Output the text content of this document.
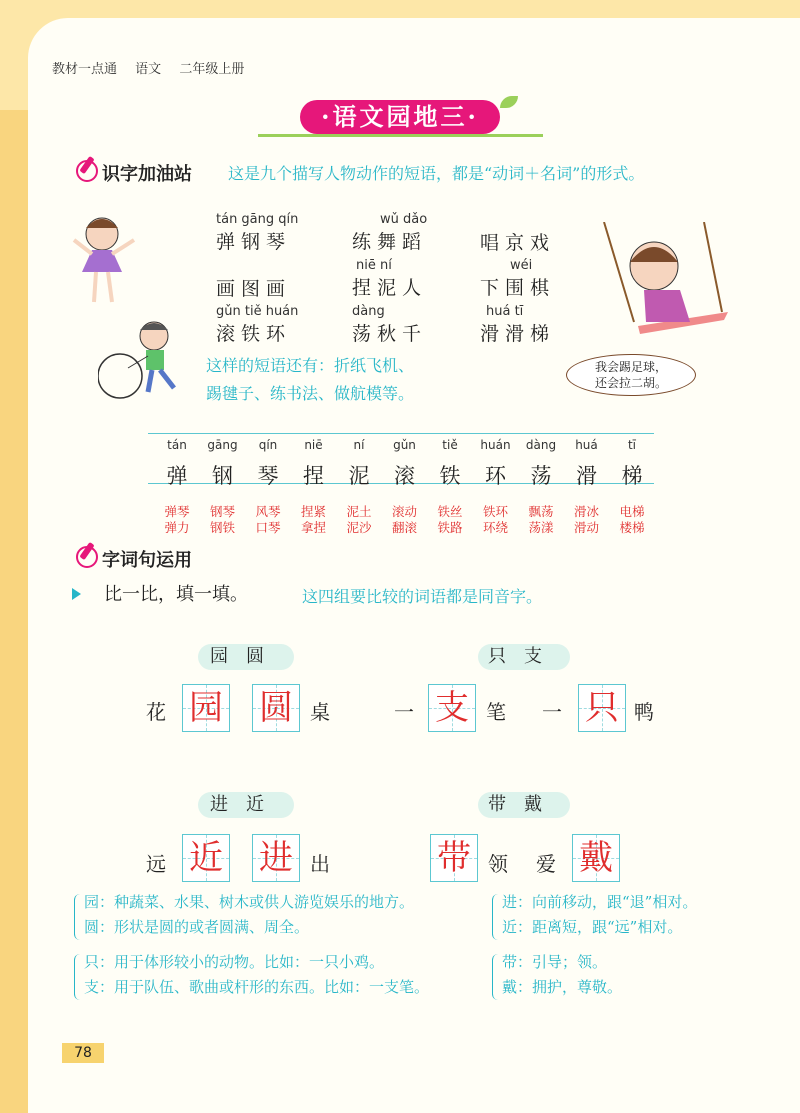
教材一点通 语文 二年级上册
·语文园地三·
识字加油站 这是九个描写人物动作的短语，都是“动词＋名词”的形式。
tán gāng qín
弹钢琴
wǔ dǎo
练舞蹈	唱京戏
画图画
niē ní
捏泥人
wéi
下围棋
gǔn tiě huán
滚铁环
dàng
荡秋千
huá tī
滑滑梯
这样的短语还有：折纸飞机、
踢毽子、练书法、做航模等。
我会踢足球，
还会拉二胡。
tán
弹
弹琴
弹力
gāng
钢
钢琴
钢铁
qín
琴
风琴
口琴
niē
捏
捏紧
拿捏
ní
泥
泥土
泥沙
gǔn
滚
滚动
翻滚
tiě
铁
铁丝
铁路
huán
环
铁环
环绕
dàng
荡
飘荡
荡漾
huá
滑
滑冰
滑动
tī
梯
电梯
楼梯
字词句运用
比一比，填一填。	这四组要比较的词语都是同音字。
园圆
花 园 圆 桌
只支
一 支 笔 一 只 鸭
进近
远 近 进 出
带戴
带 领 爱 戴
园：种蔬菜、水果、树木或供人游览娱乐的地方。
圆：形状是圆的或者圆满、周全。
只：用于体形较小的动物。比如：一只小鸡。
支：用于队伍、歌曲或杆形的东西。比如：一支笔。
进：向前移动，跟“退”相对。
近：距离短，跟“远”相对。
带：引导；领。
戴：拥护，尊敬。
78
